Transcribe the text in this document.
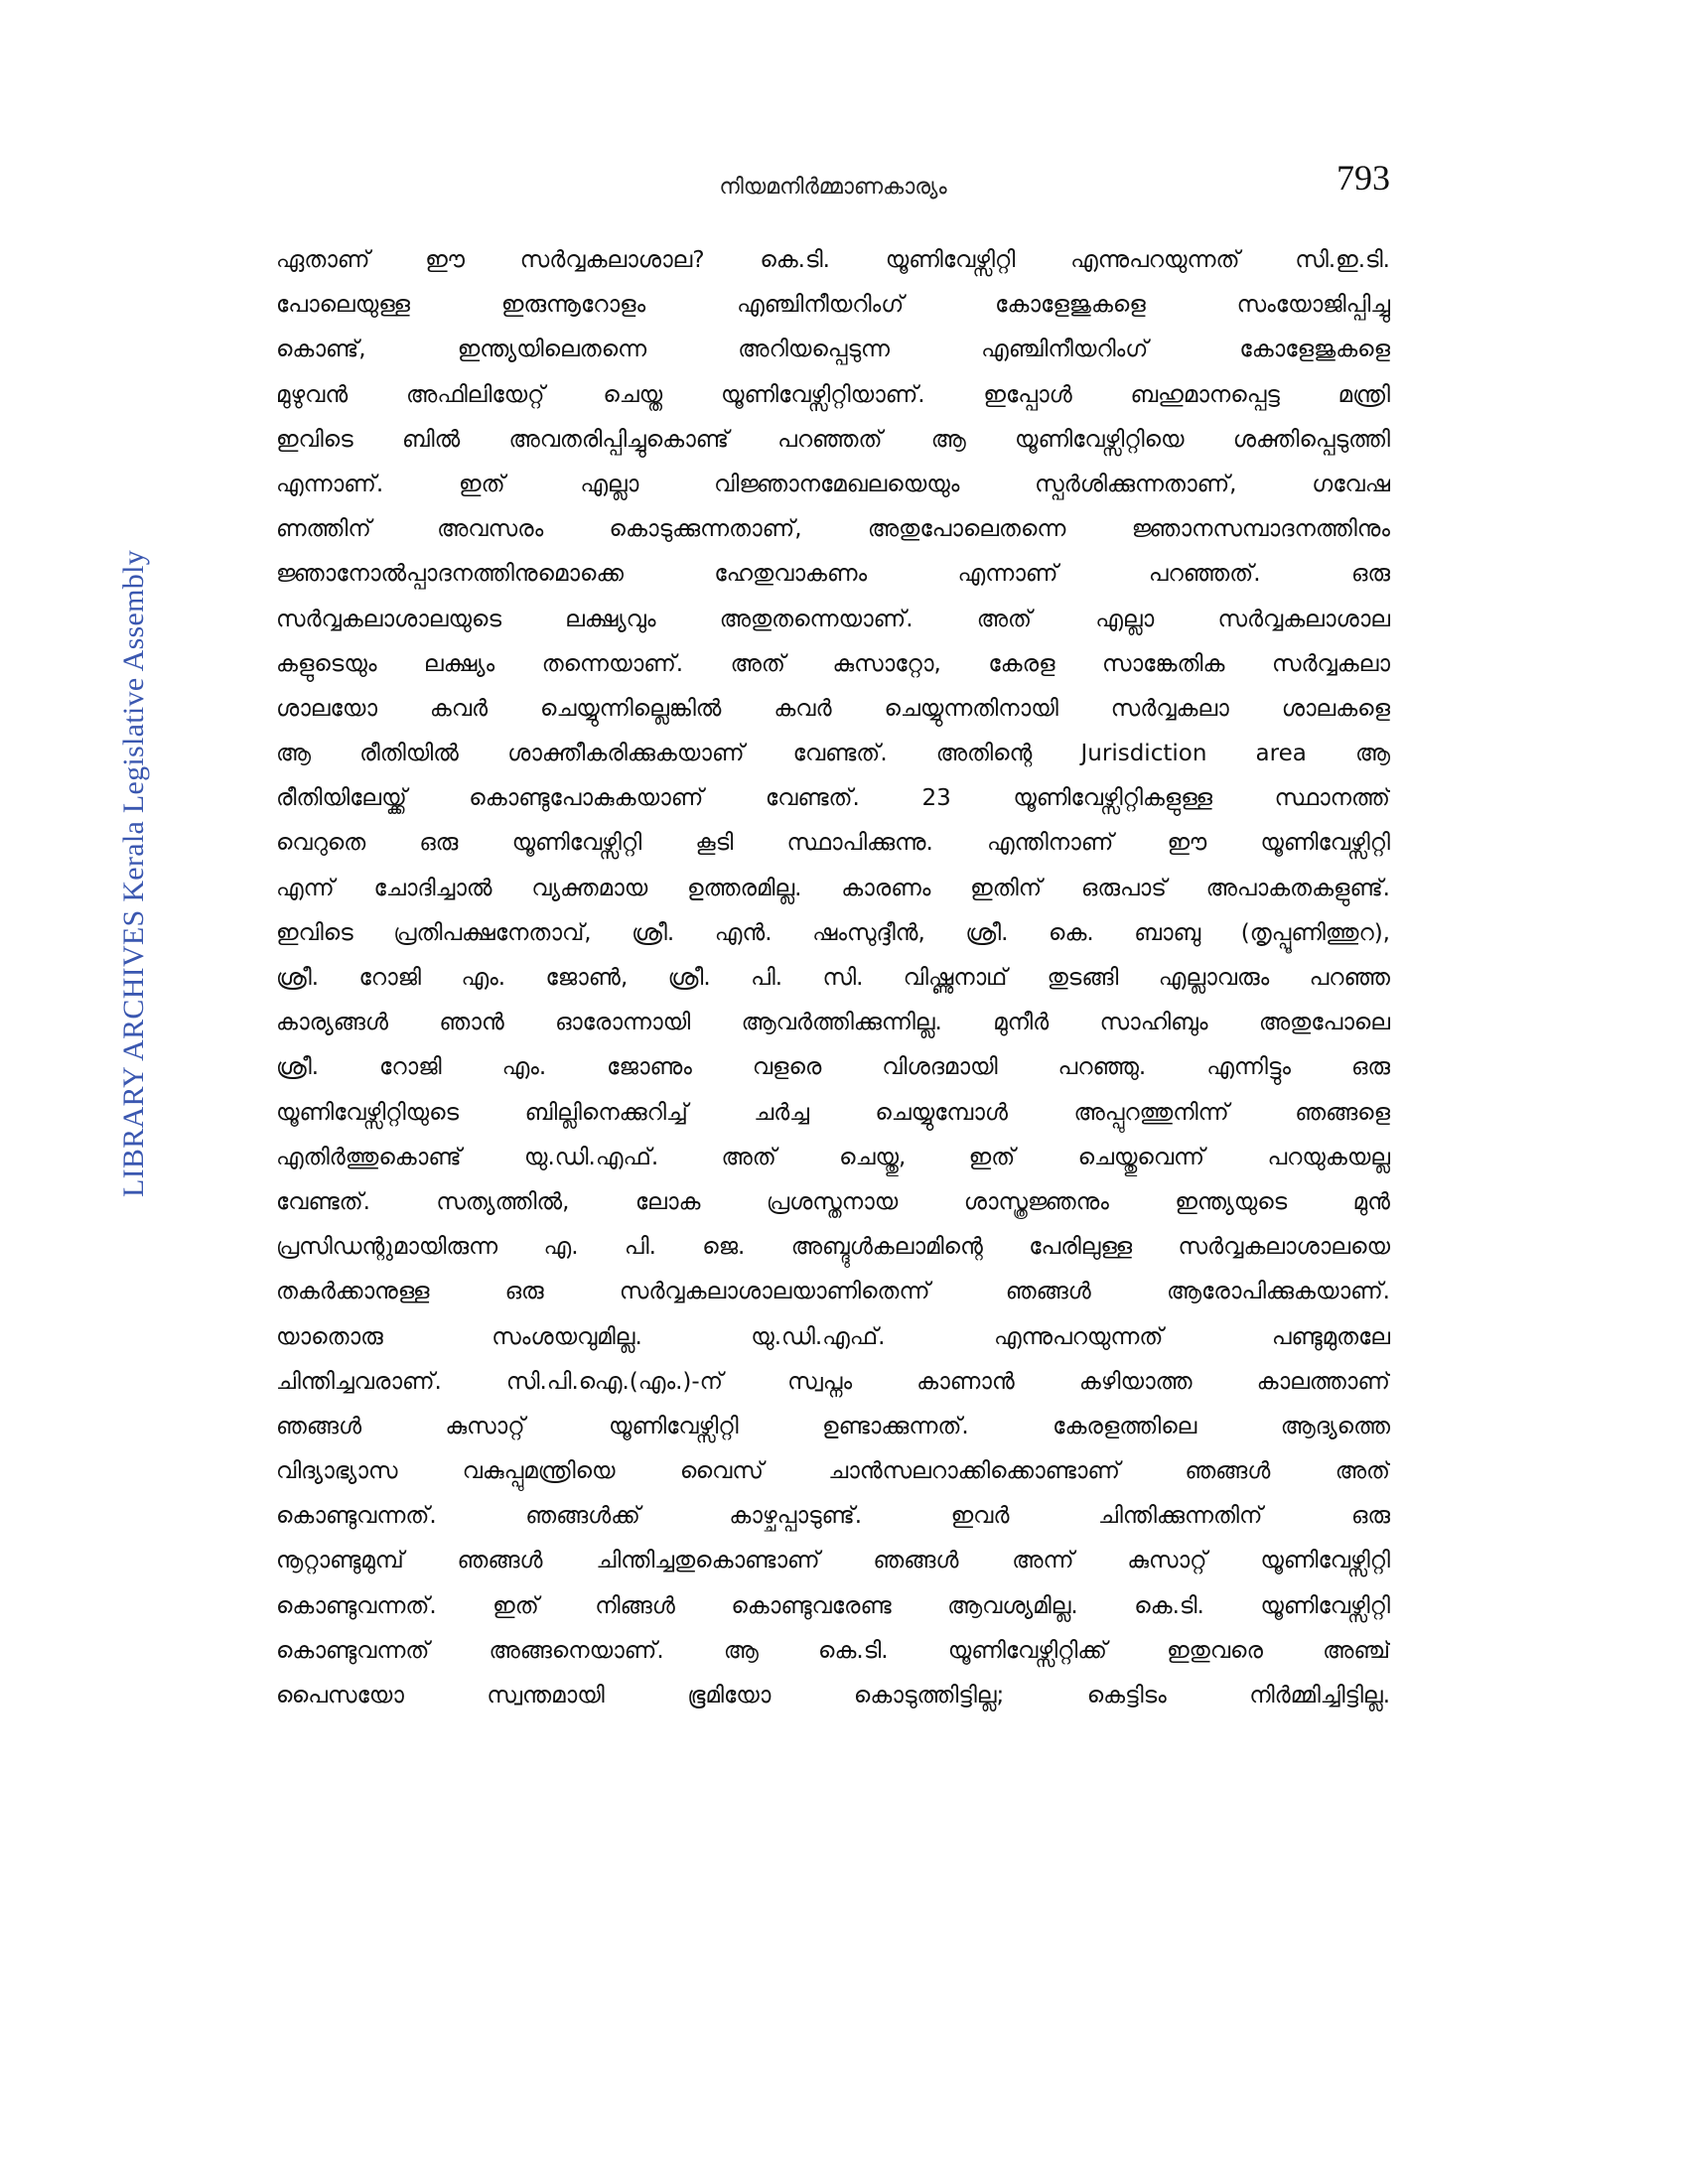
നിയമനിർമ്മാണകാര്യം	793
LIBRARY ARCHIVES Kerala Legislative Assembly
ഏതാണ് ഈ സർവ്വകലാശാല? കെ.ടി. യൂണിവേഴ്സിറ്റി എന്നുപറയുന്നത് സി.ഇ.ടി.
പോലെയുള്ള ഇരുന്നൂറോളം എഞ്ചിനീയറിംഗ് കോളേജുകളെ സംയോജിപ്പിച്ചു
കൊണ്ട്, ഇന്ത്യയിലെതന്നെ അറിയപ്പെടുന്ന എഞ്ചിനീയറിംഗ് കോളേജുകളെ
മുഴുവൻ അഫിലിയേറ്റ് ചെയ്ത യൂണിവേഴ്സിറ്റിയാണ്. ഇപ്പോൾ ബഹുമാനപ്പെട്ട മന്ത്രി
ഇവിടെ ബിൽ അവതരിപ്പിച്ചുകൊണ്ട് പറഞ്ഞത് ആ യൂണിവേഴ്സിറ്റിയെ ശക്തിപ്പെടുത്തി
എന്നാണ്. ഇത് എല്ലാ വിജ്ഞാനമേഖലയെയും സ്പർശിക്കുന്നതാണ്, ഗവേഷ
ണത്തിന് അവസരം കൊടുക്കുന്നതാണ്, അതുപോലെതന്നെ ജ്ഞാനസമ്പാദനത്തിനും
ജ്ഞാനോൽപ്പാദനത്തിനുമൊക്കെ ഹേതുവാകണം എന്നാണ് പറഞ്ഞത്. ഒരു
സർവ്വകലാശാലയുടെ ലക്ഷ്യവും അതുതന്നെയാണ്. അത് എല്ലാ സർവ്വകലാശാല
കളുടെയും ലക്ഷ്യം തന്നെയാണ്. അത് കുസാറ്റോ, കേരള സാങ്കേതിക സർവ്വകലാ
ശാലയോ കവർ ചെയ്യുന്നില്ലെങ്കിൽ കവർ ചെയ്യുന്നതിനായി സർവ്വകലാ ശാലകളെ
ആ രീതിയിൽ ശാക്തീകരിക്കുകയാണ് വേണ്ടത്. അതിന്റെ Jurisdiction area ആ
രീതിയിലേയ്ക്ക് കൊണ്ടുപോകുകയാണ് വേണ്ടത്. 23 യൂണിവേഴ്സിറ്റികളുള്ള സ്ഥാനത്ത്
വെറുതെ ഒരു യൂണിവേഴ്സിറ്റി കൂടി സ്ഥാപിക്കുന്നു. എന്തിനാണ് ഈ യൂണിവേഴ്സിറ്റി
എന്ന് ചോദിച്ചാൽ വ്യക്തമായ ഉത്തരമില്ല. കാരണം ഇതിന് ഒരുപാട് അപാകതകളുണ്ട്.
ഇവിടെ പ്രതിപക്ഷനേതാവ്, ശ്രീ. എൻ. ഷംസുദ്ദീൻ, ശ്രീ. കെ. ബാബു (തൃപ്പൂണിത്തുറ),
ശ്രീ. റോജി എം. ജോൺ, ശ്രീ. പി. സി. വിഷ്ണുനാഥ് തുടങ്ങി എല്ലാവരും പറഞ്ഞ
കാര്യങ്ങൾ ഞാൻ ഓരോന്നായി ആവർത്തിക്കുന്നില്ല. മുനീർ സാഹിബും അതുപോലെ
ശ്രീ. റോജി എം. ജോണും വളരെ വിശദമായി പറഞ്ഞു. എന്നിട്ടും ഒരു
യൂണിവേഴ്സിറ്റിയുടെ ബില്ലിനെക്കുറിച്ച് ചർച്ച ചെയ്യുമ്പോൾ അപ്പുറത്തുനിന്ന് ഞങ്ങളെ
എതിർത്തുകൊണ്ട് യു.ഡി.എഫ്. അത് ചെയ്തു, ഇത് ചെയ്തുവെന്ന് പറയുകയല്ല
വേണ്ടത്. സത്യത്തിൽ, ലോക പ്രശസ്തനായ ശാസ്ത്രജ്ഞനും ഇന്ത്യയുടെ മുൻ
പ്രസിഡന്റുമായിരുന്ന എ. പി. ജെ. അബ്ദുൾകലാമിന്റെ പേരിലുള്ള സർവ്വകലാശാലയെ
തകർക്കാനുള്ള ഒരു സർവ്വകലാശാലയാണിതെന്ന് ഞങ്ങൾ ആരോപിക്കുകയാണ്.
യാതൊരു സംശയവുമില്ല. യു.ഡി.എഫ്. എന്നുപറയുന്നത് പണ്ടുമുതലേ
ചിന്തിച്ചവരാണ്. സി.പി.ഐ.(എം.)-ന് സ്വപ്നം കാണാൻ കഴിയാത്ത കാലത്താണ്
ഞങ്ങൾ കുസാറ്റ് യൂണിവേഴ്സിറ്റി ഉണ്ടാക്കുന്നത്. കേരളത്തിലെ ആദ്യത്തെ
വിദ്യാഭ്യാസ വകുപ്പുമന്ത്രിയെ വൈസ് ചാൻസലറാക്കിക്കൊണ്ടാണ് ഞങ്ങൾ അത്
കൊണ്ടുവന്നത്. ഞങ്ങൾക്ക് കാഴ്ചപ്പാടുണ്ട്. ഇവർ ചിന്തിക്കുന്നതിന് ഒരു
നൂറ്റാണ്ടുമുമ്പ് ഞങ്ങൾ ചിന്തിച്ചതുകൊണ്ടാണ് ഞങ്ങൾ അന്ന് കുസാറ്റ് യൂണിവേഴ്സിറ്റി
കൊണ്ടുവന്നത്. ഇത് നിങ്ങൾ കൊണ്ടുവരേണ്ട ആവശ്യമില്ല. കെ.ടി. യൂണിവേഴ്സിറ്റി
കൊണ്ടുവന്നത് അങ്ങനെയാണ്. ആ കെ.ടി. യൂണിവേഴ്സിറ്റിക്ക് ഇതുവരെ അഞ്ച്
പൈസയോ സ്വന്തമായി ഭൂമിയോ കൊടുത്തിട്ടില്ല; കെട്ടിടം നിർമ്മിച്ചിട്ടില്ല.
